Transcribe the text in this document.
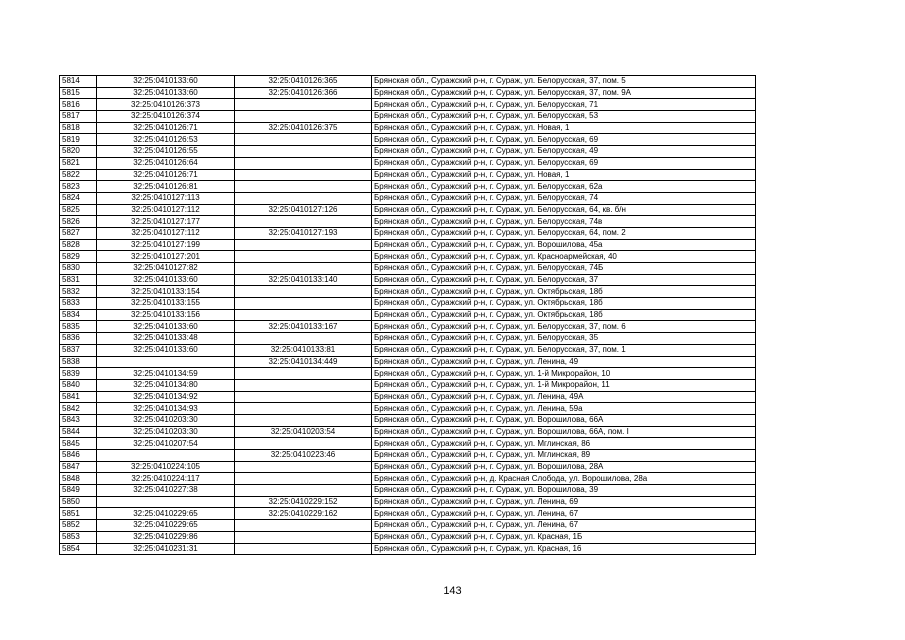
5814	32:25:0410133:60	32:25:0410126:365	Брянская обл., Суражский р-н, г. Сураж, ул. Белорусская, 37, пом. 5
5815	32:25:0410133:60	32:25:0410126:366	Брянская обл., Суражский р-н, г. Сураж, ул. Белорусская, 37, пом. 9А
5816	32:25:0410126:373		Брянская обл., Суражский р-н, г. Сураж, ул. Белорусская, 71
5817	32:25:0410126:374		Брянская обл., Суражский р-н, г. Сураж, ул. Белорусская, 53
5818	32:25:0410126:71	32:25:0410126:375	Брянская обл., Суражский р-н, г. Сураж, ул. Новая, 1
5819	32:25:0410126:53		Брянская обл., Суражский р-н, г. Сураж, ул. Белорусская, 69
5820	32:25:0410126:55		Брянская обл., Суражский р-н, г. Сураж, ул. Белорусская, 49
5821	32:25:0410126:64		Брянская обл., Суражский р-н, г. Сураж, ул. Белорусская, 69
5822	32:25:0410126:71		Брянская обл., Суражский р-н, г. Сураж, ул. Новая, 1
5823	32:25:0410126:81		Брянская обл., Суражский р-н, г. Сураж, ул. Белорусская, 62а
5824	32:25:0410127:113		Брянская обл., Суражский р-н, г. Сураж, ул. Белорусская, 74
5825	32:25:0410127:112	32:25:0410127:126	Брянская обл., Суражский р-н, г. Сураж, ул. Белорусская, 64, кв. б/н
5826	32:25:0410127:177		Брянская обл., Суражский р-н, г. Сураж, ул. Белорусская, 74в
5827	32:25:0410127:112	32:25:0410127:193	Брянская обл., Суражский р-н, г. Сураж, ул. Белорусская, 64, пом. 2
5828	32:25:0410127:199		Брянская обл., Суражский р-н, г. Сураж, ул. Ворошилова, 45а
5829	32:25:0410127:201		Брянская обл., Суражский р-н, г. Сураж, ул. Красноармейская, 40
5830	32:25:0410127:82		Брянская обл., Суражский р-н, г. Сураж, ул. Белорусская, 74Б
5831	32:25:0410133:60	32:25:0410133:140	Брянская обл., Суражский р-н, г. Сураж, ул. Белорусская, 37
5832	32:25:0410133:154		Брянская обл., Суражский р-н, г. Сураж, ул. Октябрьская, 18б
5833	32:25:0410133:155		Брянская обл., Суражский р-н, г. Сураж, ул. Октябрьская, 18б
5834	32:25:0410133:156		Брянская обл., Суражский р-н, г. Сураж, ул. Октябрьская, 18б
5835	32:25:0410133:60	32:25:0410133:167	Брянская обл., Суражский р-н, г. Сураж, ул. Белорусская, 37, пом. 6
5836	32:25:0410133:48		Брянская обл., Суражский р-н, г. Сураж, ул. Белорусская, 35
5837	32:25:0410133:60	32:25:0410133:81	Брянская обл., Суражский р-н, г. Сураж, ул. Белорусская, 37, пом. 1
5838		32:25:0410134:449	Брянская обл., Суражский р-н, г. Сураж, ул. Ленина, 49
5839	32:25:0410134:59		Брянская обл., Суражский р-н, г. Сураж, ул. 1-й Микрорайон, 10
5840	32:25:0410134:80		Брянская обл., Суражский р-н, г. Сураж, ул. 1-й Микрорайон, 11
5841	32:25:0410134:92		Брянская обл., Суражский р-н, г. Сураж, ул. Ленина, 49А
5842	32:25:0410134:93		Брянская обл., Суражский р-н, г. Сураж, ул. Ленина, 59а
5843	32:25:0410203:30		Брянская обл., Суражский р-н, г. Сураж, ул. Ворошилова, 66А
5844	32:25:0410203:30	32:25:0410203:54	Брянская обл., Суражский р-н, г. Сураж, ул. Ворошилова, 66А, пом. I
5845	32:25:0410207:54		Брянская обл., Суражский р-н, г. Сураж, ул. Мглинская, 86
5846		32:25:0410223:46	Брянская обл., Суражский р-н, г. Сураж, ул. Мглинская, 89
5847	32:25:0410224:105		Брянская обл., Суражский р-н, г. Сураж, ул. Ворошилова, 28А
5848	32:25:0410224:117		Брянская обл., Суражский р-н, д. Красная Слобода, ул. Ворошилова, 28а
5849	32:25:0410227:38		Брянская обл., Суражский р-н, г. Сураж, ул. Ворошилова, 39
5850		32:25:0410229:152	Брянская обл., Суражский р-н, г. Сураж, ул. Ленина, 69
5851	32:25:0410229:65	32:25:0410229:162	Брянская обл., Суражский р-н, г. Сураж, ул. Ленина, 67
5852	32:25:0410229:65		Брянская обл., Суражский р-н, г. Сураж, ул. Ленина, 67
5853	32:25:0410229:86		Брянская обл., Суражский р-н, г. Сураж, ул. Красная, 1Б
5854	32:25:0410231:31		Брянская обл., Суражский р-н, г. Сураж, ул. Красная, 16
143
